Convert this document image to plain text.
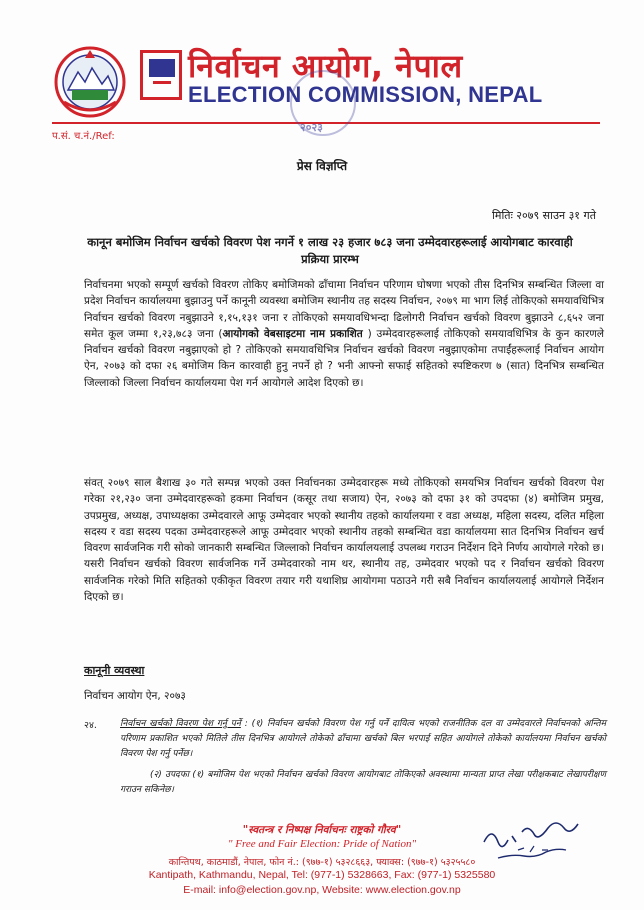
निर्वाचन आयोग, नेपाल
ELECTION COMMISSION, NEPAL
२०२३
प.सं. च.नं./Ref:
प्रेस विज्ञप्ति
मितिः २०७९ साउन ३१ गते
कानून बमोजिम निर्वाचन खर्चको विवरण पेश नगर्ने १ लाख २३ हजार ७८३ जना उम्मेदवारहरूलाई आयोगबाट कारवाही प्रक्रिया प्रारम्भ
निर्वाचनमा भएको सम्पूर्ण खर्चको विवरण तोकिए बमोजिमको ढाँचामा निर्वाचन परिणाम घोषणा भएको तीस दिनभित्र सम्बन्धित जिल्ला वा प्रदेश निर्वाचन कार्यालयमा बुझाउनु पर्ने कानूनी व्यवस्था बमोजिम स्थानीय तह सदस्य निर्वाचन, २०७९ मा भाग लिई तोकिएको समयावधिभित्र निर्वाचन खर्चको विवरण नबुझाउने १,१५,१३१ जना र तोकिएको समयावधिभन्दा ढिलोगरी निर्वाचन खर्चको विवरण बुझाउने ८,६५२ जना समेत कूल जम्मा १,२३,७८३ जना (आयोगको वेबसाइटमा नाम प्रकाशित ) उम्मेदवारहरूलाई तोकिएको समयावधिभित्र के कुन कारणले निर्वाचन खर्चको विवरण नबुझाएको हो ? तोकिएको समयावधिभित्र निर्वाचन खर्चको विवरण नबुझाएकोमा तपाईंहरूलाई निर्वाचन आयोग ऐन, २०७३ को दफा २६ बमोजिम किन कारवाही हुनु नपर्ने हो ? भनी आफ्नो सफाई सहितको स्पष्टिकरण ७ (सात) दिनभित्र सम्बन्धित जिल्लाको जिल्ला निर्वाचन कार्यालयमा पेश गर्न आयोगले आदेश दिएको छ।
संवत् २०७९ साल बैशाख ३० गते सम्पन्न भएको उक्त निर्वाचनका उम्मेदवारहरू मध्ये तोकिएको समयभित्र निर्वाचन खर्चको विवरण पेश गरेका २१,२३० जना उम्मेदवारहरूको हकमा निर्वाचन (कसूर तथा सजाय) ऐन, २०७३ को दफा ३१ को उपदफा (४) बमोजिम प्रमुख, उपप्रमुख, अध्यक्ष, उपाध्यक्षका उम्मेदवारले आफू उम्मेदवार भएको स्थानीय तहको कार्यालयमा र वडा अध्यक्ष, महिला सदस्य, दलित महिला सदस्य र वडा सदस्य पदका उम्मेदवारहरूले आफू उम्मेदवार भएको स्थानीय तहको सम्बन्धित वडा कार्यालयमा सात दिनभित्र निर्वाचन खर्च विवरण सार्वजनिक गरी सोको जानकारी सम्बन्धित जिल्लाको निर्वाचन कार्यालयलाई उपलब्ध गराउन निर्देशन दिने निर्णय आयोगले गरेको छ। यसरी निर्वाचन खर्चको विवरण सार्वजनिक गर्ने उम्मेदवारको नाम थर, स्थानीय तह, उम्मेदवार भएको पद र निर्वाचन खर्चको विवरण सार्वजनिक गरेको मिति सहितको एकीकृत विवरण तयार गरी यथाशिघ्र आयोगमा पठाउने गरी सबै निर्वाचन कार्यालयलाई आयोगले निर्देशन दिएको छ।
कानूनी व्यवस्था
निर्वाचन आयोग ऐन, २०७३
२४.	निर्वाचन खर्चको विवरण पेश गर्नु पर्ने : (१) निर्वाचन खर्चको विवरण पेश गर्नु पर्ने दायित्व भएको राजनीतिक दल वा उम्मेदवारले निर्वाचनको अन्तिम परिणाम प्रकाशित भएको मितिले तीस दिनभित्र आयोगले तोकेको ढाँचामा खर्चको बिल भरपाई सहित आयोगले तोकेको कार्यालयमा निर्वाचन खर्चको विवरण पेश गर्नु पर्नेछ।
(२) उपदफा (१) बमोजिम पेश भएको निर्वाचन खर्चको विवरण आयोगबाट तोकिएको अवस्थामा मान्यता प्राप्त लेखा परीक्षकबाट लेखापरीक्षण गराउन सकिनेछ।
"स्वतन्त्र र निष्पक्ष निर्वाचनः राष्ट्रको गौरव"
" Free and Fair Election: Pride of Nation"
कान्तिपथ, काठमाडौं, नेपाल, फोन नं.: (९७७-१) ५३२८६६३, फ्याक्स: (९७७-१) ५३२५५८०
Kantipath, Kathmandu, Nepal, Tel: (977-1) 5328663, Fax: (977-1) 5325580
E-mail: info@election.gov.np, Website: www.election.gov.np
